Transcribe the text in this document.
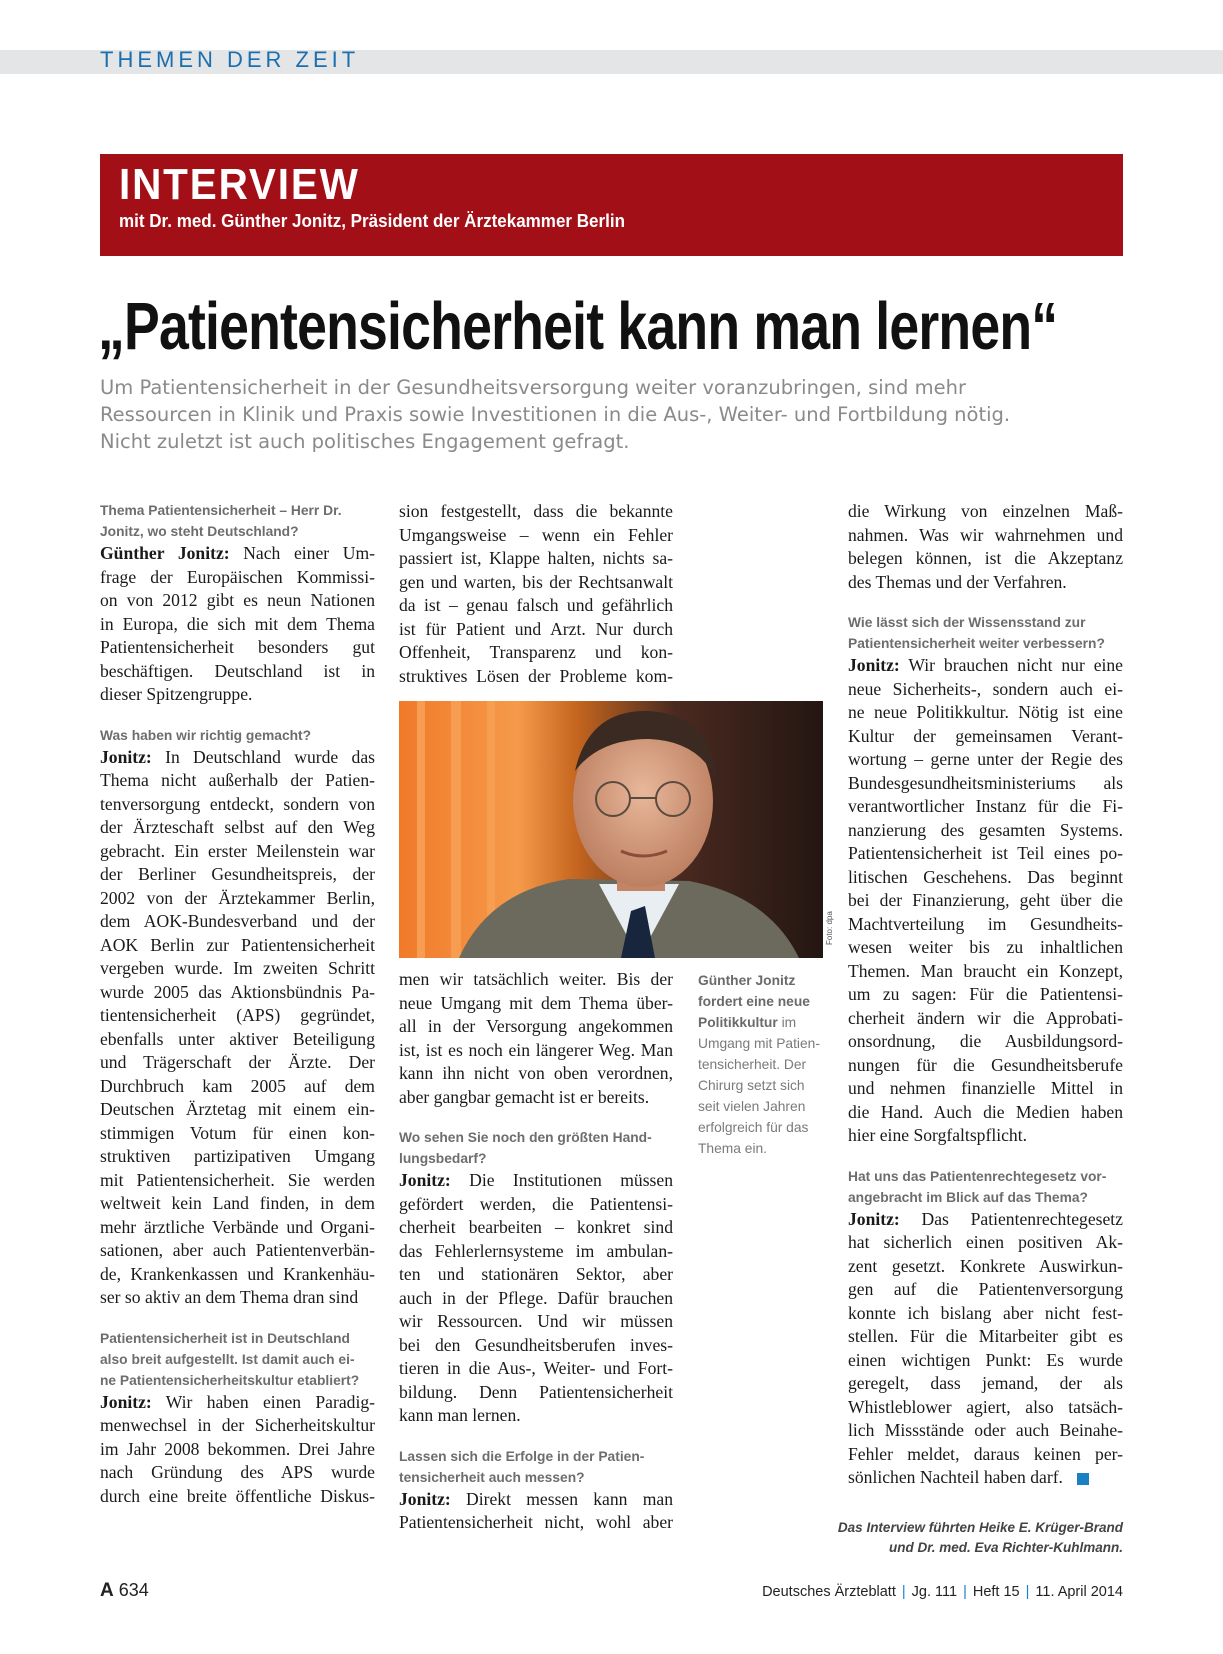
THEMEN DER ZEIT
INTERVIEW
mit Dr. med. Günther Jonitz, Präsident der Ärztekammer Berlin
„Patientensicherheit kann man lernen“
Um Patientensicherheit in der Gesundheitsversorgung weiter voranzubringen, sind mehr
Ressourcen in Klinik und Praxis sowie Investitionen in die Aus-, Weiter- und Fortbildung nötig.
Nicht zuletzt ist auch politisches Engagement gefragt.
Thema Patientensicherheit – Herr Dr.
Jonitz, wo steht Deutschland?
Günther Jonitz: Nach einer Um-
frage der Europäischen Kommissi-
on von 2012 gibt es neun Nationen
in Europa, die sich mit dem Thema
Patientensicherheit besonders gut
beschäftigen. Deutschland ist in
dieser Spitzengruppe.
Was haben wir richtig gemacht?
Jonitz: In Deutschland wurde das
Thema nicht außerhalb der Patien-
tenversorgung entdeckt, sondern von
der Ärzteschaft selbst auf den Weg
gebracht. Ein erster Meilenstein war
der Berliner Gesundheitspreis, der
2002 von der Ärztekammer Berlin,
dem AOK-Bundesverband und der
AOK Berlin zur Patientensicherheit
vergeben wurde. Im zweiten Schritt
wurde 2005 das Aktionsbündnis Pa-
tientensicherheit (APS) gegründet,
ebenfalls unter aktiver Beteiligung
und Trägerschaft der Ärzte. Der
Durchbruch kam 2005 auf dem
Deutschen Ärztetag mit einem ein-
stimmigen Votum für einen kon-
struktiven partizipativen Umgang
mit Patientensicherheit. Sie werden
weltweit kein Land finden, in dem
mehr ärztliche Verbände und Organi-
sationen, aber auch Patientenverbän-
de, Krankenkassen und Krankenhäu-
ser so aktiv an dem Thema dran sind
Patientensicherheit ist in Deutschland
also breit aufgestellt. Ist damit auch ei-
ne Patientensicherheitskultur etabliert?
Jonitz: Wir haben einen Paradig-
menwechsel in der Sicherheitskultur
im Jahr 2008 bekommen. Drei Jahre
nach Gründung des APS wurde
durch eine breite öffentliche Diskus-
sion festgestellt, dass die bekannte
Umgangsweise – wenn ein Fehler
passiert ist, Klappe halten, nichts sa-
gen und warten, bis der Rechtsanwalt
da ist – genau falsch und gefährlich
ist für Patient und Arzt. Nur durch
Offenheit, Transparenz und kon-
struktives Lösen der Probleme kom-
Foto: dpa
men wir tatsächlich weiter. Bis der
neue Umgang mit dem Thema über-
all in der Versorgung angekommen
ist, ist es noch ein längerer Weg. Man
kann ihn nicht von oben verordnen,
aber gangbar gemacht ist er bereits.
Wo sehen Sie noch den größten Hand-
lungsbedarf?
Jonitz: Die Institutionen müssen
gefördert werden, die Patientensi-
cherheit bearbeiten – konkret sind
das Fehlerlernsysteme im ambulan-
ten und stationären Sektor, aber
auch in der Pflege. Dafür brauchen
wir Ressourcen. Und wir müssen
bei den Gesundheitsberufen inves-
tieren in die Aus-, Weiter- und Fort-
bildung. Denn Patientensicherheit
kann man lernen.
Lassen sich die Erfolge in der Patien-
tensicherheit auch messen?
Jonitz: Direkt messen kann man
Patientensicherheit nicht, wohl aber
Günther Jonitz
fordert eine neue
Politikkultur im
Umgang mit Patien-
tensicherheit. Der
Chirurg setzt sich
seit vielen Jahren
erfolgreich für das
Thema ein.
die Wirkung von einzelnen Maß-
nahmen. Was wir wahrnehmen und
belegen können, ist die Akzeptanz
des Themas und der Verfahren.
Wie lässt sich der Wissensstand zur
Patientensicherheit weiter verbessern?
Jonitz: Wir brauchen nicht nur eine
neue Sicherheits-, sondern auch ei-
ne neue Politikkultur. Nötig ist eine
Kultur der gemeinsamen Verant-
wortung – gerne unter der Regie des
Bundesgesundheitsministeriums als
verantwortlicher Instanz für die Fi-
nanzierung des gesamten Systems.
Patientensicherheit ist Teil eines po-
litischen Geschehens. Das beginnt
bei der Finanzierung, geht über die
Machtverteilung im Gesundheits-
wesen weiter bis zu inhaltlichen
Themen. Man braucht ein Konzept,
um zu sagen: Für die Patientensi-
cherheit ändern wir die Approbati-
onsordnung, die Ausbildungsord-
nungen für die Gesundheitsberufe
und nehmen finanzielle Mittel in
die Hand. Auch die Medien haben
hier eine Sorgfaltspflicht.
Hat uns das Patientenrechtegesetz vor-
angebracht im Blick auf das Thema?
Jonitz: Das Patientenrechtegesetz
hat sicherlich einen positiven Ak-
zent gesetzt. Konkrete Auswirkun-
gen auf die Patientenversorgung
konnte ich bislang aber nicht fest-
stellen. Für die Mitarbeiter gibt es
einen wichtigen Punkt: Es wurde
geregelt, dass jemand, der als
Whistleblower agiert, also tatsäch-
lich Missstände oder auch Beinahe-
Fehler meldet, daraus keinen per-
sönlichen Nachteil haben darf.
Das Interview führten Heike E. Krüger-Brand
und Dr. med. Eva Richter-Kuhlmann.
A 634	Deutsches Ärzteblatt | Jg. 111 | Heft 15 | 11. April 2014
